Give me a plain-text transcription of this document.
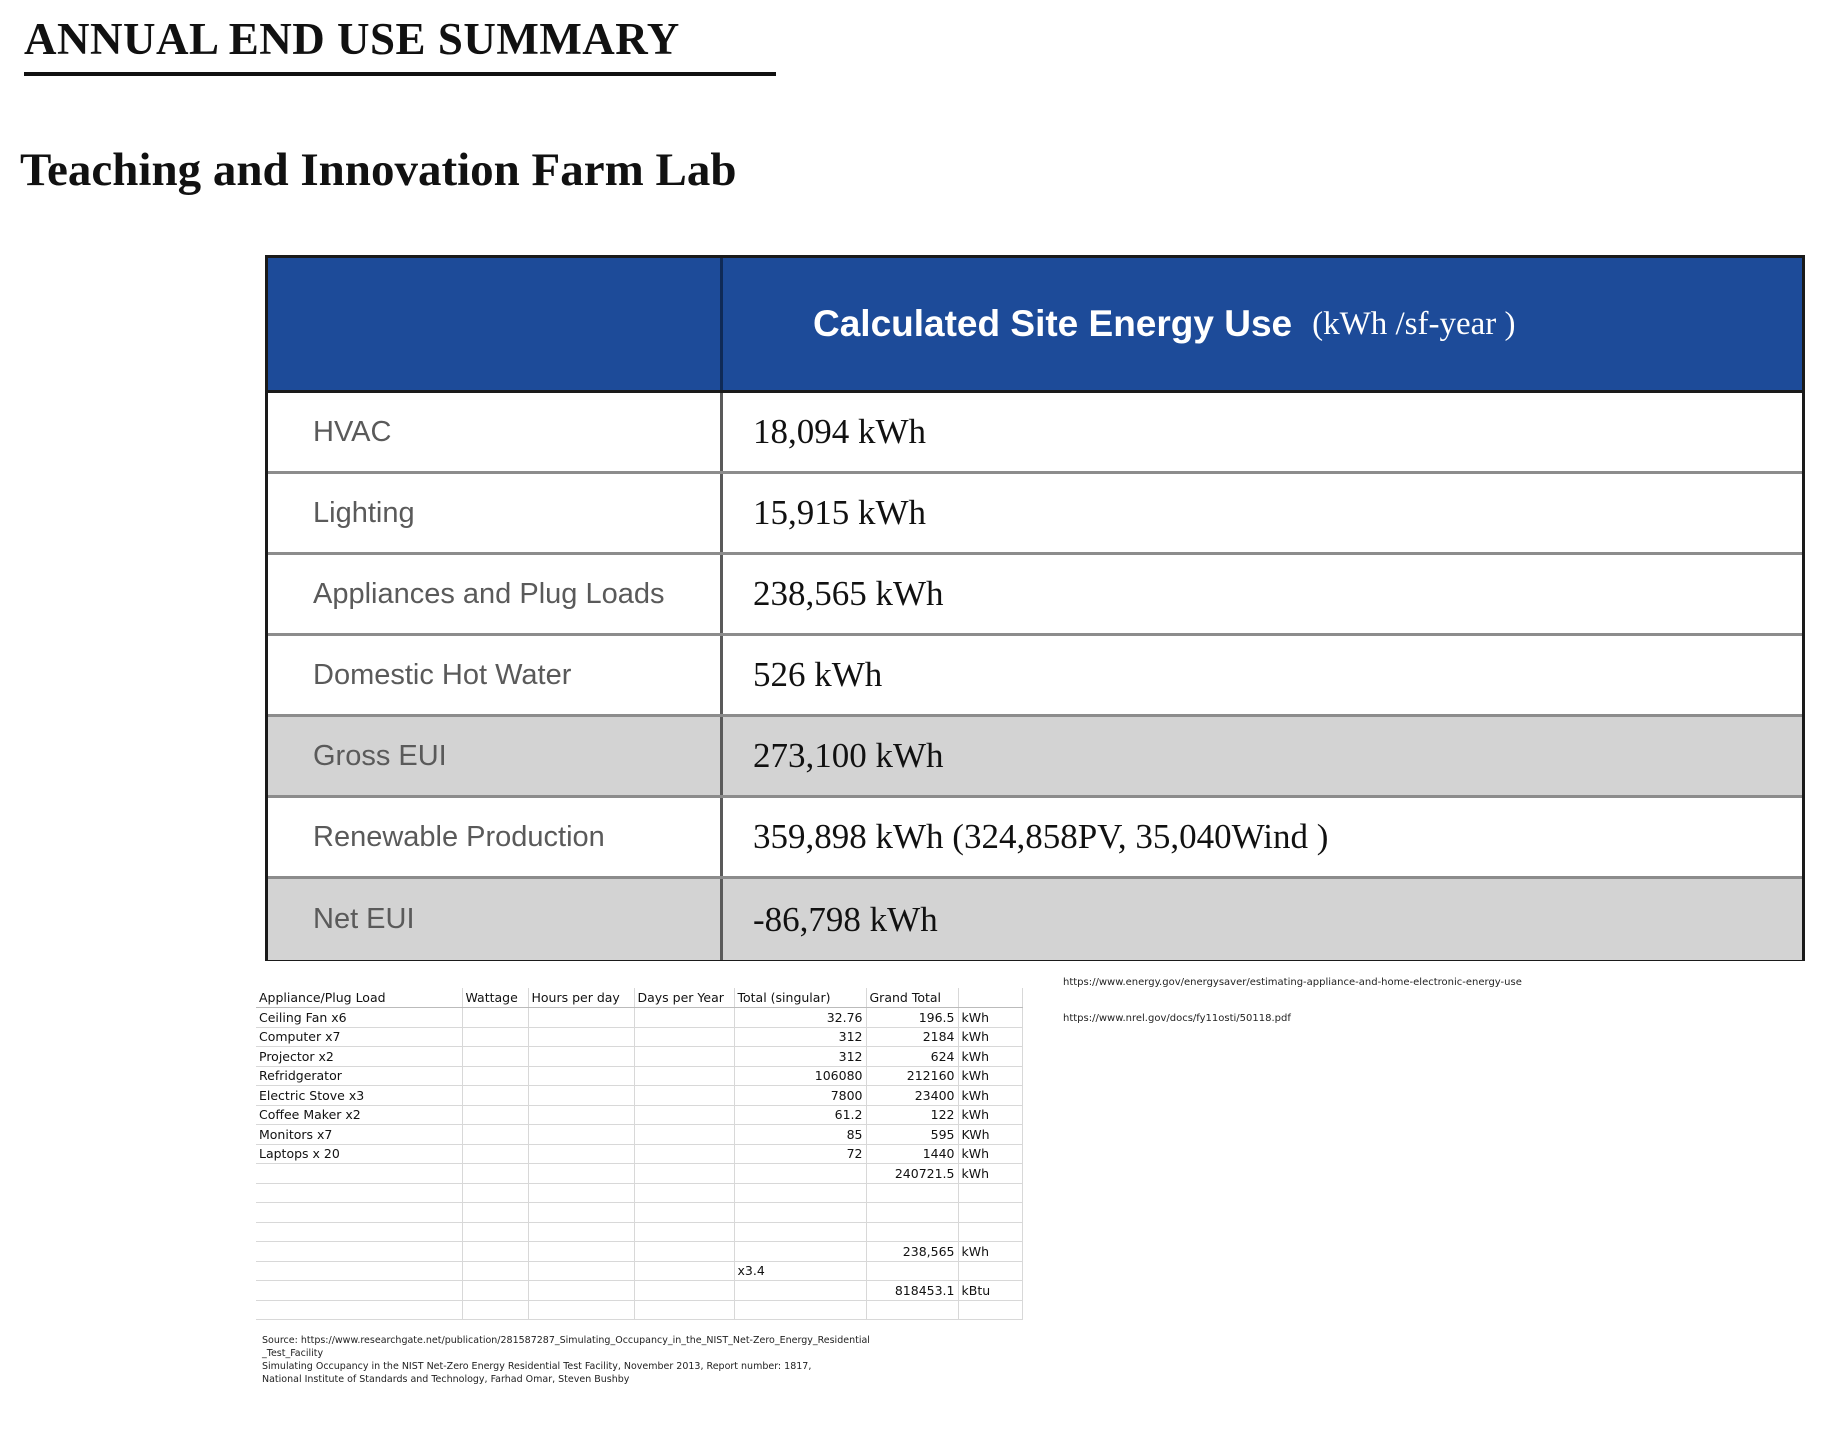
ANNUAL END USE SUMMARY
Teaching and Innovation Farm Lab
Calculated Site Energy Use (kWh /sf-year )
HVAC	18,094 kWh
Lighting	15,915 kWh
Appliances and Plug Loads	238,565 kWh
Domestic Hot Water	526 kWh
Gross EUI	273,100 kWh
Renewable Production	359,898 kWh (324,858PV, 35,040Wind )
Net EUI	-86,798 kWh
Appliance/Plug Load	Wattage	Hours per day	Days per Year	Total (singular)	Grand Total	
Ceiling Fan x6				32.76	196.5	kWh
Computer x7				312	2184	kWh
Projector x2				312	624	kWh
Refridgerator				106080	212160	kWh
Electric Stove x3				7800	23400	kWh
Coffee Maker x2				61.2	122	kWh
Monitors x7				85	595	KWh
Laptops x 20				72	1440	kWh
					240721.5	kWh

					238,565	kWh
				x3.4		
					818453.1	kBtu

https://www.energy.gov/energysaver/estimating-appliance-and-home-electronic-energy-use
https://www.nrel.gov/docs/fy11osti/50118.pdf
Source: https://www.researchgate.net/publication/281587287_Simulating_Occupancy_in_the_NIST_Net-Zero_Energy_Residential
_Test_Facility
Simulating Occupancy in the NIST Net-Zero Energy Residential Test Facility, November 2013, Report number: 1817,
National Institute of Standards and Technology, Farhad Omar, Steven Bushby
